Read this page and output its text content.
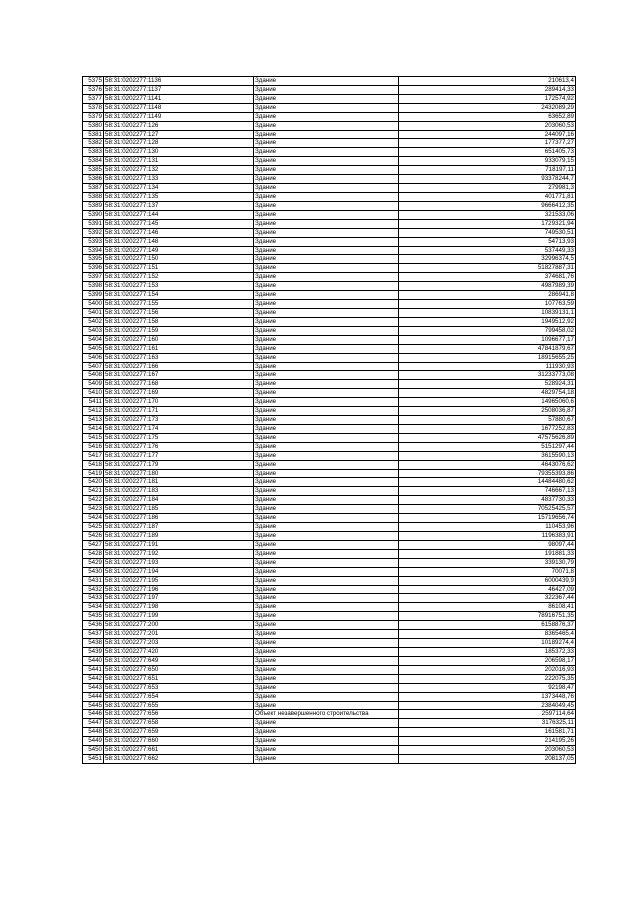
5375	58:31:0202277:1136	Здание	210613,4
5376	58:31:0202277:1137	Здание	289414,33
5377	58:31:0202277:1141	Здание	172574,92
5378	58:31:0202277:1148	Здание	2432089,29
5379	58:31:0202277:1149	Здание	63652,89
5380	58:31:0202277:126	Здание	203060,53
5381	58:31:0202277:127	Здание	244097,16
5382	58:31:0202277:128	Здание	177377,27
5383	58:31:0202277:130	Здание	651405,73
5384	58:31:0202277:131	Здание	933079,15
5385	58:31:0202277:132	Здание	718197,11
5386	58:31:0202277:133	Здание	93378244,7
5387	58:31:0202277:134	Здание	279981,3
5388	58:31:0202277:135	Здание	401771,81
5389	58:31:0202277:137	Здание	9666412,35
5390	58:31:0202277:144	Здание	321533,06
5391	58:31:0202277:145	Здание	1729321,94
5392	58:31:0202277:146	Здание	749530,51
5393	58:31:0202277:148	Здание	54713,93
5394	58:31:0202277:149	Здание	537449,33
5395	58:31:0202277:150	Здание	32996374,5
5396	58:31:0202277:151	Здание	51827887,31
5397	58:31:0202277:152	Здание	374681,76
5398	58:31:0202277:153	Здание	4987989,39
5399	58:31:0202277:154	Здание	286941,8
5400	58:31:0202277:155	Здание	107763,59
5401	58:31:0202277:156	Здание	10839131,1
5402	58:31:0202277:158	Здание	1949512,92
5403	58:31:0202277:159	Здание	799458,02
5404	58:31:0202277:160	Здание	1096677,17
5405	58:31:0202277:161	Здание	47841879,67
5406	58:31:0202277:163	Здание	18915655,25
5407	58:31:0202277:166	Здание	111930,93
5408	58:31:0202277:167	Здание	31233773,08
5409	58:31:0202277:168	Здание	528924,31
5410	58:31:0202277:169	Здание	4829754,18
5411	58:31:0202277:170	Здание	14965060,6
5412	58:31:0202277:171	Здание	2508036,87
5413	58:31:0202277:173	Здание	57880,67
5414	58:31:0202277:174	Здание	1677252,83
5415	58:31:0202277:175	Здание	47575626,89
5416	58:31:0202277:176	Здание	5151297,44
5417	58:31:0202277:177	Здание	3615590,13
5418	58:31:0202277:179	Здание	4643076,62
5419	58:31:0202277:180	Здание	79355393,86
5420	58:31:0202277:181	Здание	14484480,62
5421	58:31:0202277:183	Здание	746667,13
5422	58:31:0202277:184	Здание	4837730,33
5423	58:31:0202277:185	Здание	70525425,57
5424	58:31:0202277:186	Здание	15719656,74
5425	58:31:0202277:187	Здание	110453,96
5426	58:31:0202277:189	Здание	1196383,91
5427	58:31:0202277:191	Здание	98097,44
5428	58:31:0202277:192	Здание	191881,33
5429	58:31:0202277:193	Здание	339130,79
5430	58:31:0202277:194	Здание	70071,8
5431	58:31:0202277:195	Здание	6000439,9
5432	58:31:0202277:196	Здание	46427,09
5433	58:31:0202277:197	Здание	322367,44
5434	58:31:0202277:198	Здание	86108,41
5435	58:31:0202277:199	Здание	78916751,35
5436	58:31:0202277:200	Здание	6158876,37
5437	58:31:0202277:201	Здание	8365465,4
5438	58:31:0202277:203	Здание	10189274,4
5439	58:31:0202277:420	Здание	185372,33
5440	58:31:0202277:649	Здание	206598,17
5441	58:31:0202277:650	Здание	202016,93
5442	58:31:0202277:651	Здание	222075,35
5443	58:31:0202277:653	Здание	92198,47
5444	58:31:0202277:654	Здание	1373448,76
5445	58:31:0202277:655	Здание	2384049,45
5446	58:31:0202277:656	Объект незавершенного строительства	2597114,64
5447	58:31:0202277:658	Здание	3176325,11
5448	58:31:0202277:659	Здание	161581,71
5449	58:31:0202277:660	Здание	214195,26
5450	58:31:0202277:661	Здание	203060,53
5451	58:31:0202277:662	Здание	208137,05
